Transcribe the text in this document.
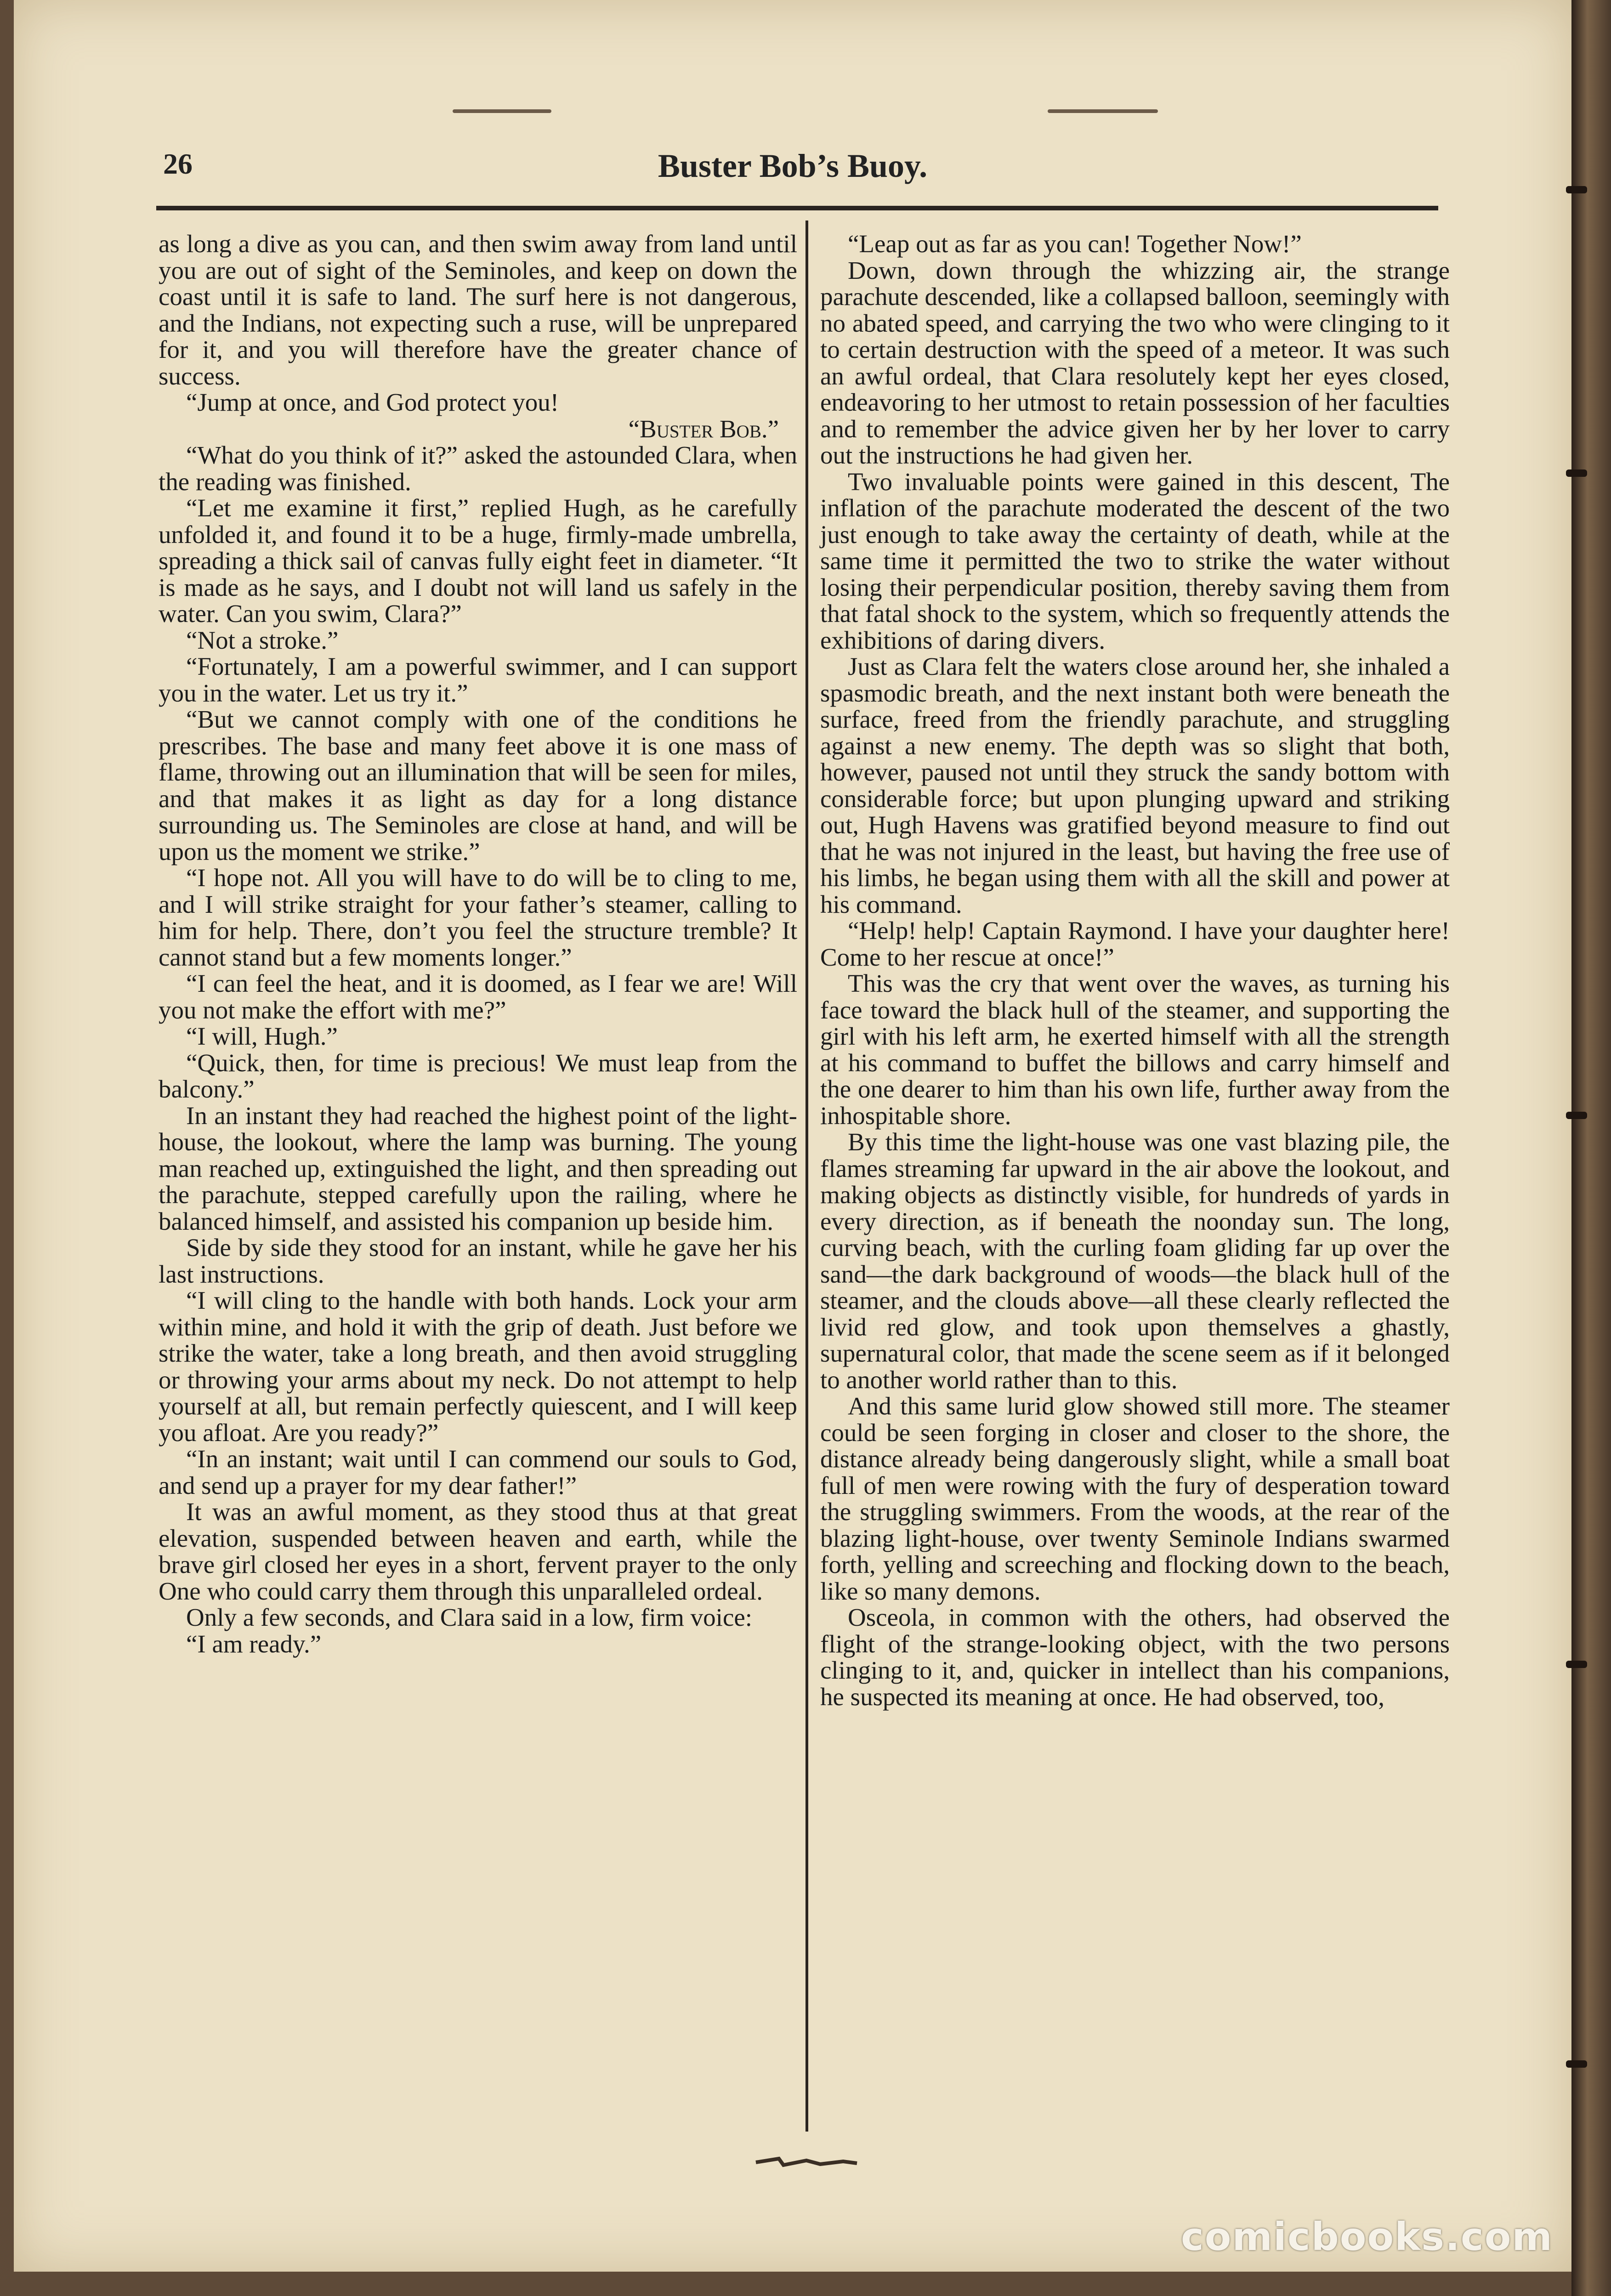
26	Buster Bob’s Buoy.

as long a dive as you can, and then swim away from land until you are out of sight of the Seminoles, and keep on down the coast until it is safe to land. The surf here is not dangerous, and the Indians, not expecting such a ruse, will be unprepared for it, and you will therefore have the greater chance of success.

“Jump at once, and God protect you!

“Buster Bob.”

“What do you think of it?” asked the astounded Clara, when the reading was finished.

“Let me examine it first,” replied Hugh, as he carefully unfolded it, and found it to be a huge, firmly-made umbrella, spreading a thick sail of canvas fully eight feet in diameter. “It is made as he says, and I doubt not will land us safely in the water. Can you swim, Clara?”

“Not a stroke.”

“Fortunately, I am a powerful swimmer, and I can support you in the water. Let us try it.”

“But we cannot comply with one of the conditions he prescribes. The base and many feet above it is one mass of flame, throwing out an illumination that will be seen for miles, and that makes it as light as day for a long distance surrounding us. The Seminoles are close at hand, and will be upon us the moment we strike.”

“I hope not. All you will have to do will be to cling to me, and I will strike straight for your father’s steamer, calling to him for help. There, don’t you feel the structure tremble? It cannot stand but a few moments longer.”

“I can feel the heat, and it is doomed, as I fear we are! Will you not make the effort with me?”

“I will, Hugh.”

“Quick, then, for time is precious! We must leap from the balcony.”

In an instant they had reached the highest point of the light-house, the lookout, where the lamp was burning. The young man reached up, extinguished the light, and then spreading out the parachute, stepped carefully upon the railing, where he balanced himself, and assisted his companion up beside him.

Side by side they stood for an instant, while he gave her his last instructions.

“I will cling to the handle with both hands. Lock your arm within mine, and hold it with the grip of death. Just before we strike the water, take a long breath, and then avoid struggling or throwing your arms about my neck. Do not attempt to help yourself at all, but remain perfectly quiescent, and I will keep you afloat. Are you ready?”

“In an instant; wait until I can commend our souls to God, and send up a prayer for my dear father!”

It was an awful moment, as they stood thus at that great elevation, suspended between heaven and earth, while the brave girl closed her eyes in a short, fervent prayer to the only One who could carry them through this unparalleled ordeal.

Only a few seconds, and Clara said in a low, firm voice:

“I am ready.”

“Leap out as far as you can! Together Now!”

Down, down through the whizzing air, the strange parachute descended, like a collapsed balloon, seemingly with no abated speed, and carrying the two who were clinging to it to certain destruction with the speed of a meteor. It was such an awful ordeal, that Clara resolutely kept her eyes closed, endeavoring to her utmost to retain possession of her faculties and to remember the advice given her by her lover to carry out the instructions he had given her.

Two invaluable points were gained in this descent, The inflation of the parachute moderated the descent of the two just enough to take away the certainty of death, while at the same time it permitted the two to strike the water without losing their perpendicular position, thereby saving them from that fatal shock to the system, which so frequently attends the exhibitions of daring divers.

Just as Clara felt the waters close around her, she inhaled a spasmodic breath, and the next instant both were beneath the surface, freed from the friendly parachute, and struggling against a new enemy. The depth was so slight that both, however, paused not until they struck the sandy bottom with considerable force; but upon plunging upward and striking out, Hugh Havens was gratified beyond measure to find out that he was not injured in the least, but having the free use of his limbs, he began using them with all the skill and power at his command.

“Help! help! Captain Raymond. I have your daughter here! Come to her rescue at once!”

This was the cry that went over the waves, as turning his face toward the black hull of the steamer, and supporting the girl with his left arm, he exerted himself with all the strength at his command to buffet the billows and carry himself and the one dearer to him than his own life, further away from the inhospitable shore.

By this time the light-house was one vast blazing pile, the flames streaming far upward in the air above the lookout, and making objects as distinctly visible, for hundreds of yards in every direction, as if beneath the noonday sun. The long, curving beach, with the curling foam gliding far up over the sand—the dark background of woods—the black hull of the steamer, and the clouds above—all these clearly reflected the livid red glow, and took upon themselves a ghastly, supernatural color, that made the scene seem as if it belonged to another world rather than to this.

And this same lurid glow showed still more. The steamer could be seen forging in closer and closer to the shore, the distance already being dangerously slight, while a small boat full of men were rowing with the fury of desperation toward the struggling swimmers. From the woods, at the rear of the blazing light-house, over twenty Seminole Indians swarmed forth, yelling and screeching and flocking down to the beach, like so many demons.

Osceola, in common with the others, had observed the flight of the strange-looking object, with the two persons clinging to it, and, quicker in intellect than his companions, he suspected its meaning at once. He had observed, too,

comicbooks.com
